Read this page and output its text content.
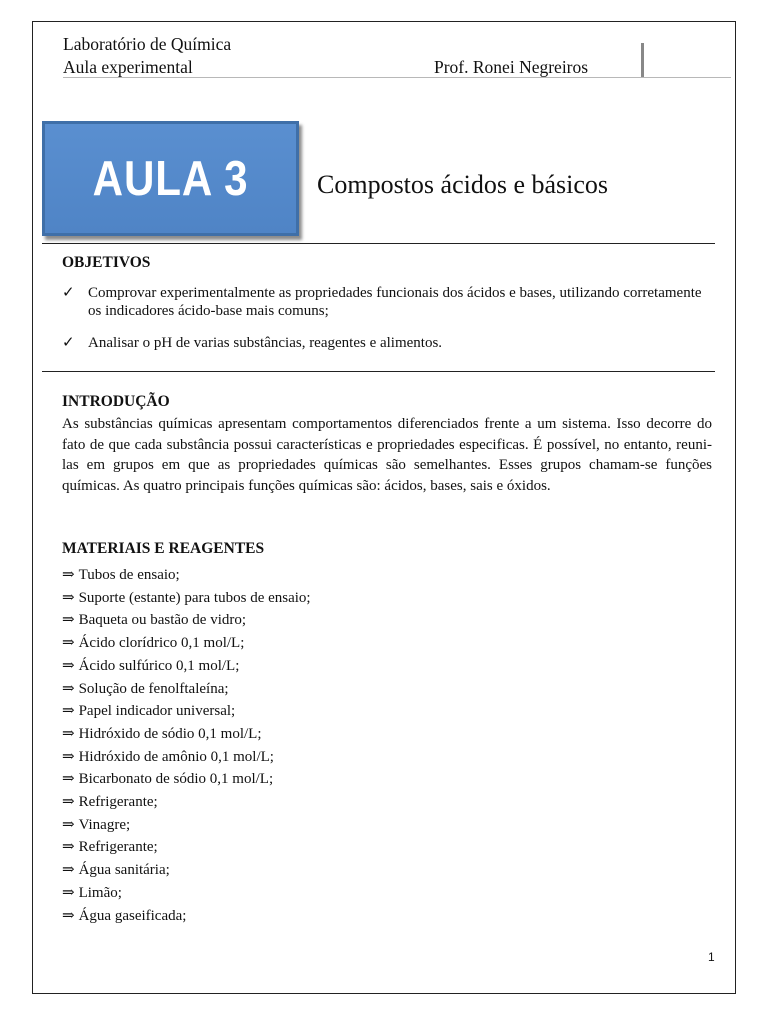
Laboratório de Química
Aula experimental	Prof. Ronei Negreiros
AULA 3	Compostos ácidos e básicos
OBJETIVOS
✓ Comprovar experimentalmente as propriedades funcionais dos ácidos e bases, utilizando corretamente os indicadores ácido-base mais comuns;
✓ Analisar o pH de varias substâncias, reagentes e alimentos.
INTRODUÇÃO

As substâncias químicas apresentam comportamentos diferenciados frente a um sistema. Isso decorre do fato de que cada substância possui características e propriedades especificas. É possível, no entanto, reuni-las em grupos em que as propriedades químicas são semelhantes. Esses grupos chamam-se funções químicas. As quatro principais funções químicas são: ácidos, bases, sais e óxidos.

MATERIAIS E REAGENTES
⇒ Tubos de ensaio;
⇒ Suporte (estante) para tubos de ensaio;
⇒ Baqueta ou bastão de vidro;
⇒ Ácido clorídrico 0,1 mol/L;
⇒ Ácido sulfúrico 0,1 mol/L;
⇒ Solução de fenolftaleína;
⇒ Papel indicador universal;
⇒ Hidróxido de sódio 0,1 mol/L;
⇒ Hidróxido de amônio 0,1 mol/L;
⇒ Bicarbonato de sódio 0,1 mol/L;
⇒ Refrigerante;
⇒ Vinagre;
⇒ Refrigerante;
⇒ Água sanitária;
⇒ Limão;
⇒ Água gaseificada;
1
